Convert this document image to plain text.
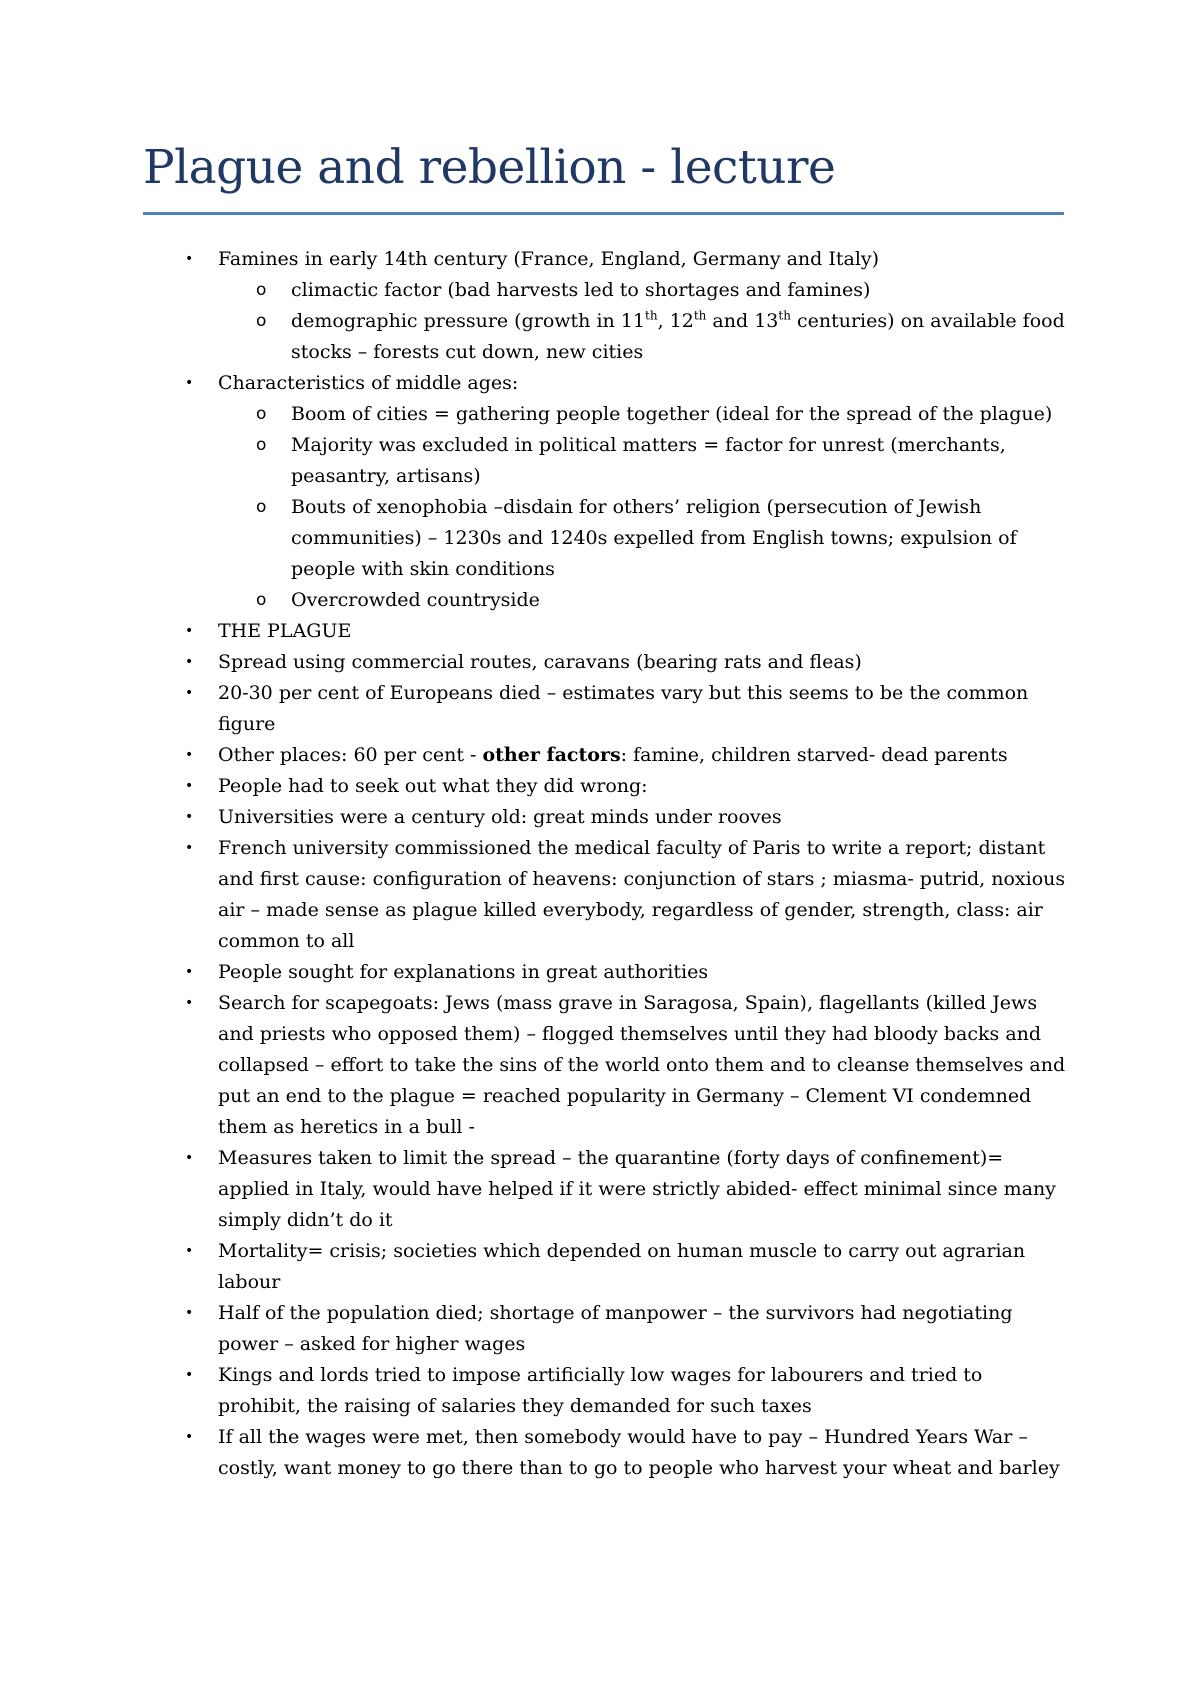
Plague and rebellion - lecture
• Famines in early 14th century (France, England, Germany and Italy)
o climactic factor (bad harvests led to shortages and famines)
o demographic pressure (growth in 11th, 12th and 13th centuries) on available food stocks – forests cut down, new cities
• Characteristics of middle ages:
o Boom of cities = gathering people together (ideal for the spread of the plague)
o Majority was excluded in political matters = factor for unrest (merchants, peasantry, artisans)
o Bouts of xenophobia –disdain for others’ religion (persecution of Jewish communities) – 1230s and 1240s expelled from English towns; expulsion of people with skin conditions
o Overcrowded countryside
• THE PLAGUE
• Spread using commercial routes, caravans (bearing rats and fleas)
• 20-30 per cent of Europeans died – estimates vary but this seems to be the common figure
• Other places: 60 per cent - other factors: famine, children starved- dead parents
• People had to seek out what they did wrong:
• Universities were a century old: great minds under rooves
• French university commissioned the medical faculty of Paris to write a report; distant and first cause: configuration of heavens: conjunction of stars ; miasma- putrid, noxious air – made sense as plague killed everybody, regardless of gender, strength, class: air common to all
• People sought for explanations in great authorities
• Search for scapegoats: Jews (mass grave in Saragosa, Spain), flagellants (killed Jews and priests who opposed them) – flogged themselves until they had bloody backs and collapsed – effort to take the sins of the world onto them and to cleanse themselves and put an end to the plague = reached popularity in Germany – Clement VI condemned them as heretics in a bull -
• Measures taken to limit the spread – the quarantine (forty days of confinement)= applied in Italy, would have helped if it were strictly abided- effect minimal since many simply didn’t do it
• Mortality= crisis; societies which depended on human muscle to carry out agrarian labour
• Half of the population died; shortage of manpower – the survivors had negotiating power – asked for higher wages
• Kings and lords tried to impose artificially low wages for labourers and tried to prohibit, the raising of salaries they demanded for such taxes
• If all the wages were met, then somebody would have to pay – Hundred Years War – costly, want money to go there than to go to people who harvest your wheat and barley
